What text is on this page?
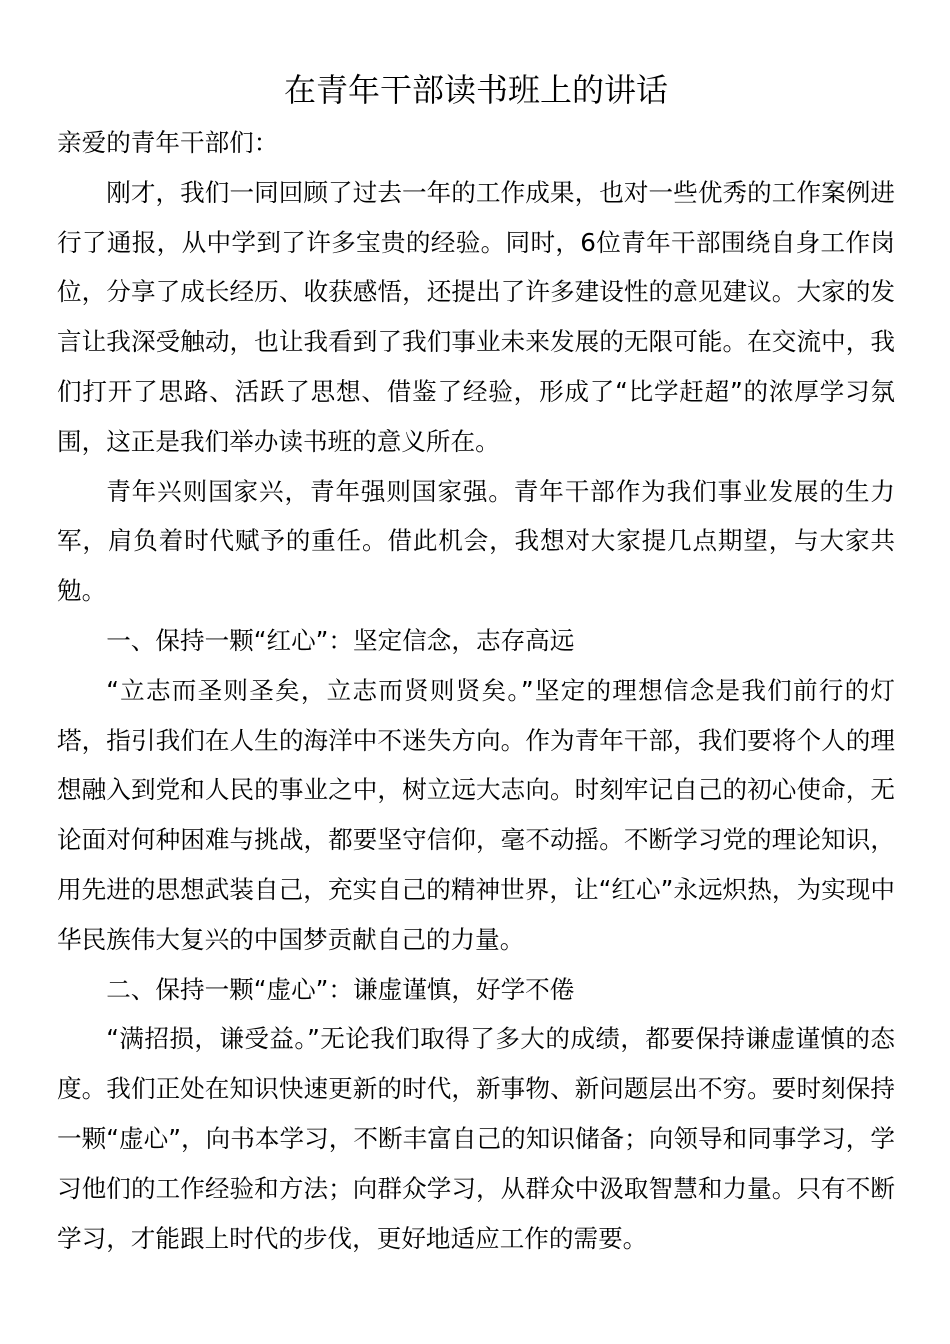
在青年干部读书班上的讲话

亲爱的青年干部们：

刚才，我们一同回顾了过去一年的工作成果，也对一些优秀的工作案例进行了通报，从中学到了许多宝贵的经验。同时，6位青年干部围绕自身工作岗位，分享了成长经历、收获感悟，还提出了许多建设性的意见建议。大家的发言让我深受触动，也让我看到了我们事业未来发展的无限可能。在交流中，我们打开了思路、活跃了思想、借鉴了经验，形成了“比学赶超”的浓厚学习氛围，这正是我们举办读书班的意义所在。

青年兴则国家兴，青年强则国家强。青年干部作为我们事业发展的生力军，肩负着时代赋予的重任。借此机会，我想对大家提几点期望，与大家共勉。

一、保持一颗“红心”：坚定信念，志存高远

“立志而圣则圣矣，立志而贤则贤矣。”坚定的理想信念是我们前行的灯塔，指引我们在人生的海洋中不迷失方向。作为青年干部，我们要将个人的理想融入到党和人民的事业之中，树立远大志向。时刻牢记自己的初心使命，无论面对何种困难与挑战，都要坚守信仰，毫不动摇。不断学习党的理论知识，用先进的思想武装自己，充实自己的精神世界，让“红心”永远炽热，为实现中华民族伟大复兴的中国梦贡献自己的力量。

二、保持一颗“虚心”：谦虚谨慎，好学不倦

“满招损，谦受益。”无论我们取得了多大的成绩，都要保持谦虚谨慎的态度。我们正处在知识快速更新的时代，新事物、新问题层出不穷。要时刻保持一颗“虚心”，向书本学习，不断丰富自己的知识储备；向领导和同事学习，学习他们的工作经验和方法；向群众学习，从群众中汲取智慧和力量。只有不断学习，才能跟上时代的步伐，更好地适应工作的需要。
